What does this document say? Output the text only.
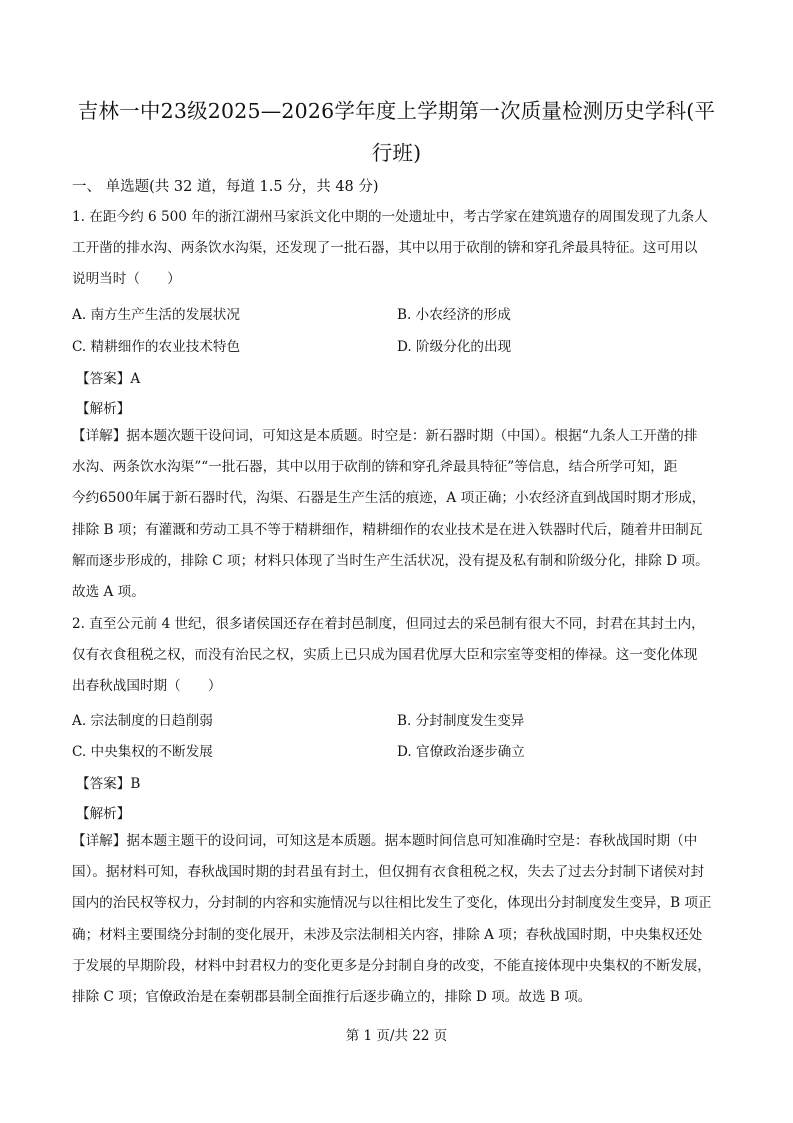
吉林一中23级2025—2026学年度上学期第一次质量检测历史学科(平
行班)
一、 单选题(共 32 道，每道 1.5 分，共 48 分)
1. 在距今约 6 500 年的浙江湖州马家浜文化中期的一处遗址中，考古学家在建筑遗存的周围发现了九条人
工开凿的排水沟、两条饮水沟渠，还发现了一批石器，其中以用于砍削的锛和穿孔斧最具特征。这可用以
说明当时（　　）
A. 南方生产生活的发展状况	B. 小农经济的形成
C. 精耕细作的农业技术特色	D. 阶级分化的出现
【答案】A
【解析】
【详解】据本题次题干设问词，可知这是本质题。时空是：新石器时期（中国）。根据“九条人工开凿的排
水沟、两条饮水沟渠”“一批石器，其中以用于砍削的锛和穿孔斧最具特征”等信息，结合所学可知，距
今约6500年属于新石器时代，沟渠、石器是生产生活的痕迹，A 项正确；小农经济直到战国时期才形成，
排除 B 项；有灌溉和劳动工具不等于精耕细作，精耕细作的农业技术是在进入铁器时代后，随着井田制瓦
解而逐步形成的，排除 C 项；材料只体现了当时生产生活状况，没有提及私有制和阶级分化，排除 D 项。
故选 A 项。
2. 直至公元前 4 世纪，很多诸侯国还存在着封邑制度，但同过去的采邑制有很大不同，封君在其封土内，
仅有衣食租税之权，而没有治民之权，实质上已只成为国君优厚大臣和宗室等变相的俸禄。这一变化体现
出春秋战国时期（　　）
A. 宗法制度的日趋削弱	B. 分封制度发生变异
C. 中央集权的不断发展	D. 官僚政治逐步确立
【答案】B
【解析】
【详解】据本题主题干的设问词，可知这是本质题。据本题时间信息可知准确时空是：春秋战国时期（中
国）。据材料可知，春秋战国时期的封君虽有封土，但仅拥有衣食租税之权，失去了过去分封制下诸侯对封
国内的治民权等权力，分封制的内容和实施情况与以往相比发生了变化，体现出分封制度发生变异，B 项正
确；材料主要围绕分封制的变化展开，未涉及宗法制相关内容，排除 A 项；春秋战国时期，中央集权还处
于发展的早期阶段，材料中封君权力的变化更多是分封制自身的改变，不能直接体现中央集权的不断发展，
排除 C 项；官僚政治是在秦朝郡县制全面推行后逐步确立的，排除 D 项。故选 B 项。
第 1 页/共 22 页
